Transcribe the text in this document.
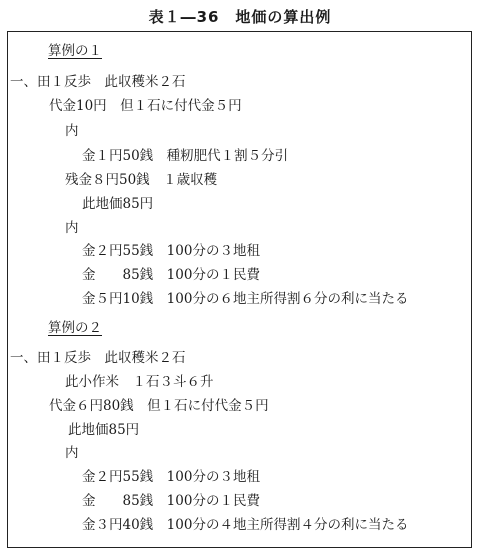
表１―36　地価の算出例
算例の１
一、田１反歩　此収穫米２石
代金10円　但１石に付代金５円
内
金１円50銭　種籾肥代１割５分引
残金８円50銭　１歳収穫
此地価85円
内
金２円55銭　100分の３地租
金　　85銭　100分の１民費
金５円10銭　100分の６地主所得割６分の利に当たる
算例の２
一、田１反歩　此収穫米２石
此小作米　１石３斗６升
代金６円80銭　但１石に付代金５円
此地価85円
内
金２円55銭　100分の３地租
金　　85銭　100分の１民費
金３円40銭　100分の４地主所得割４分の利に当たる
